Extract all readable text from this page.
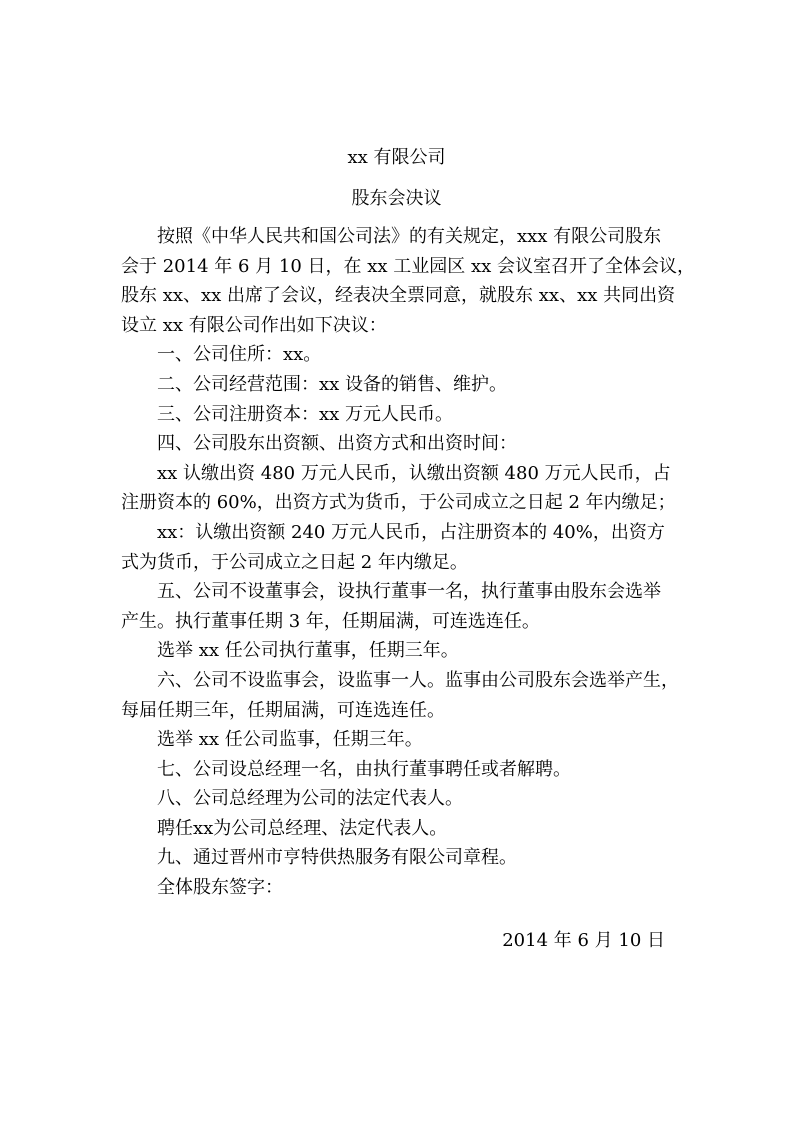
xx 有限公司
股东会决议
按照《中华人民共和国公司法》的有关规定，xxx 有限公司股东
会于 2014 年 6 月 10 日，在 xx 工业园区 xx 会议室召开了全体会议，
股东 xx、xx 出席了会议，经表决全票同意，就股东 xx、xx 共同出资
设立 xx 有限公司作出如下决议：
一、公司住所：xx。
二、公司经营范围：xx 设备的销售、维护。
三、公司注册资本：xx 万元人民币。
四、公司股东出资额、出资方式和出资时间：
xx 认缴出资 480 万元人民币，认缴出资额 480 万元人民币，占
注册资本的 60%，出资方式为货币，于公司成立之日起 2 年内缴足；
xx：认缴出资额 240 万元人民币，占注册资本的 40%，出资方
式为货币，于公司成立之日起 2 年内缴足。
五、公司不设董事会，设执行董事一名，执行董事由股东会选举
产生。执行董事任期 3 年，任期届满，可连选连任。
选举 xx 任公司执行董事，任期三年。
六、公司不设监事会，设监事一人。监事由公司股东会选举产生，
每届任期三年，任期届满，可连选连任。
选举 xx 任公司监事，任期三年。
七、公司设总经理一名，由执行董事聘任或者解聘。
八、公司总经理为公司的法定代表人。
聘任xx为公司总经理、法定代表人。
九、通过晋州市亨特供热服务有限公司章程。
全体股东签字：
2014 年 6 月 10 日
